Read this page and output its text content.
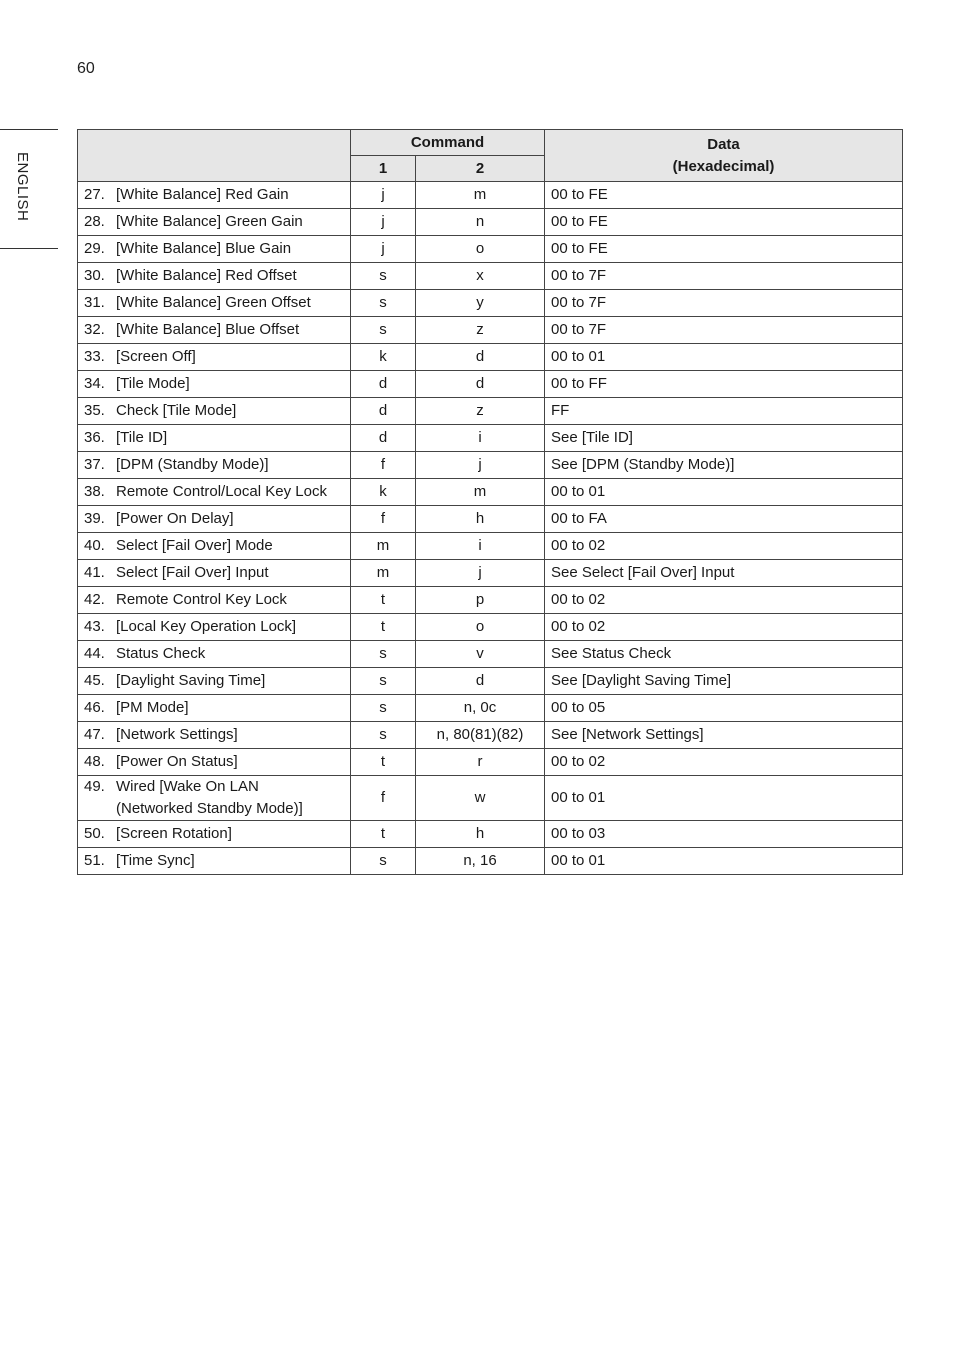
60
ENGLISH
	Command		Data
(Hexadecimal)

	1	2	

27. [White Balance] Red Gain	j	m	00 to FE

28. [White Balance] Green Gain	j	n	00 to FE

29. [White Balance] Blue Gain	j	o	00 to FE

30. [White Balance] Red Offset	s	x	00 to 7F

31. [White Balance] Green Offset	s	y	00 to 7F

32. [White Balance] Blue Offset	s	z	00 to 7F

33. [Screen Off]	k	d	00 to 01

34. [Tile Mode]	d	d	00 to FF

35. Check [Tile Mode]	d	z	FF

36. [Tile ID]	d	i	See [Tile ID]

37. [DPM (Standby Mode)]	f	j	See [DPM (Standby Mode)]

38. Remote Control/Local Key Lock	k	m	00 to 01

39. [Power On Delay]	f	h	00 to FA

40. Select [Fail Over] Mode	m	i	00 to 02

41. Select [Fail Over] Input	m	j	See Select [Fail Over] Input

42. Remote Control Key Lock	t	p	00 to 02

43. [Local Key Operation Lock]	t	o	00 to 02

44. Status Check	s	v	See Status Check

45. [Daylight Saving Time]	s	d	See [Daylight Saving Time]

46. [PM Mode]	s	n, 0c	00 to 05

47. [Network Settings]	s	n, 80(81)(82)	See [Network Settings]

48. [Power On Status]	t	r	00 to 02

49. Wired [Wake On LAN
(Networked Standby Mode)]	f	w	00 to 01

50. [Screen Rotation]	t	h	00 to 03

51. [Time Sync]	s	n, 16	00 to 01
